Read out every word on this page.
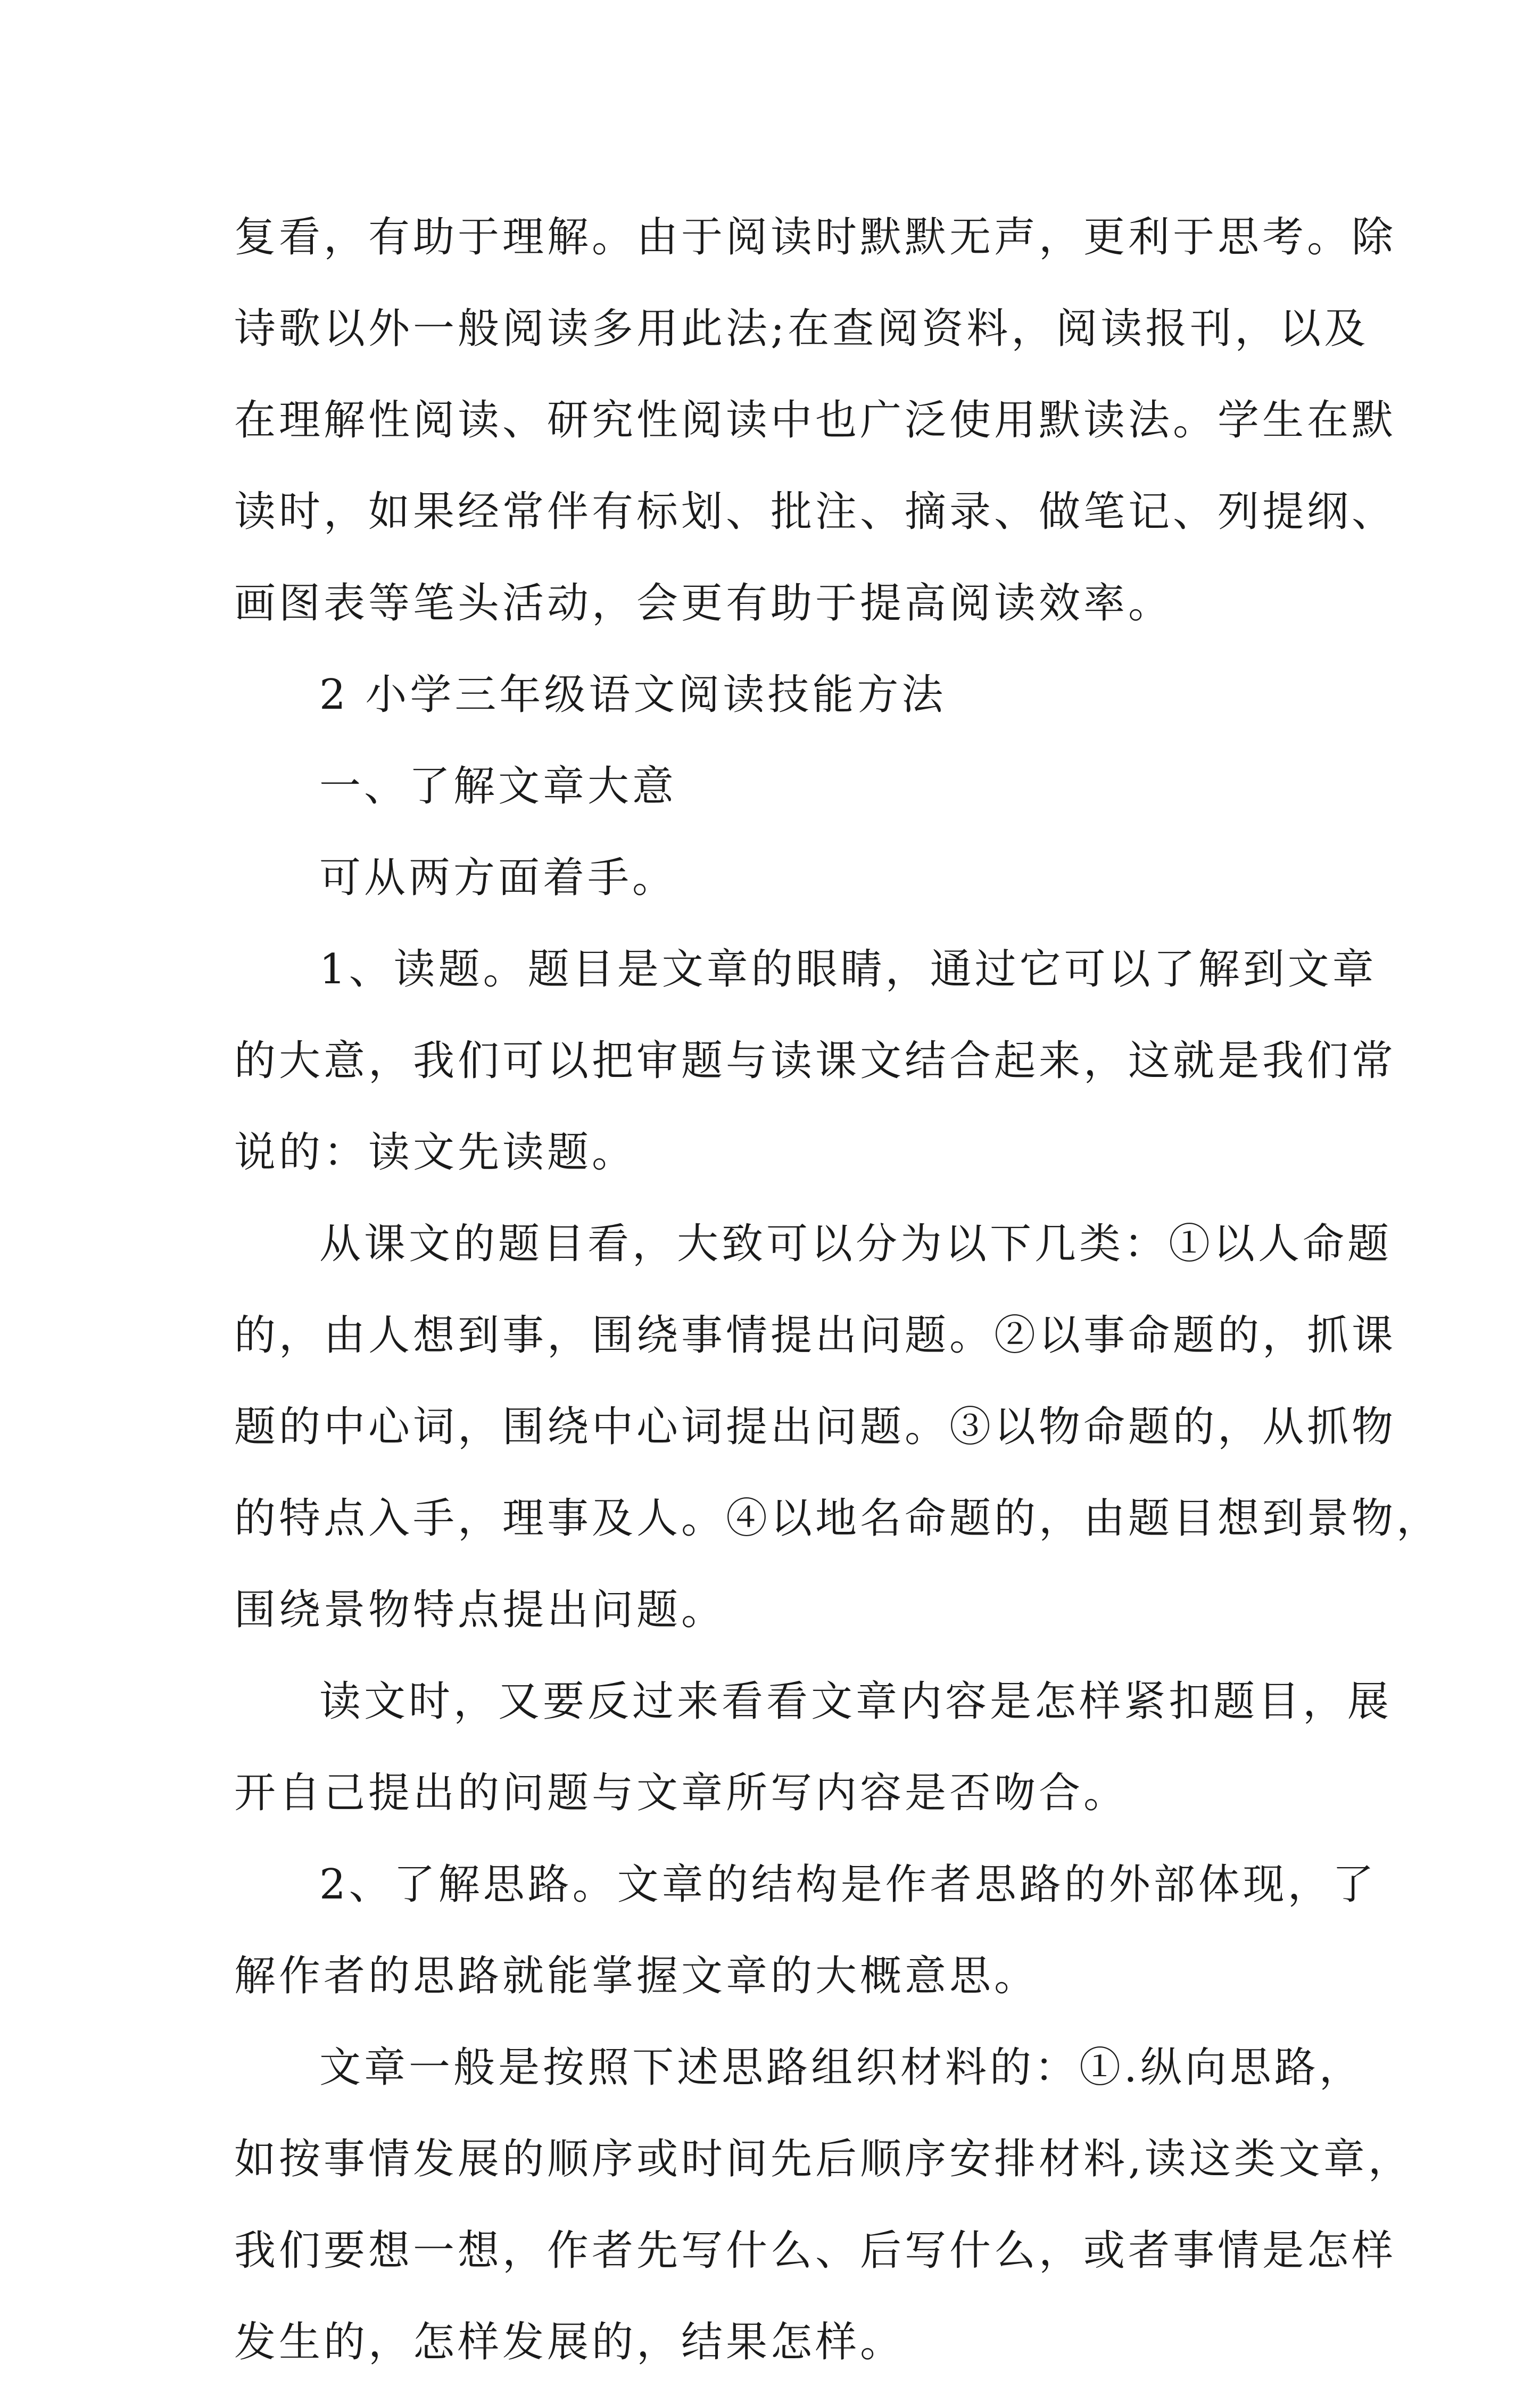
复看，有助于理解。由于阅读时默默无声，更利于思考。除
诗歌以外一般阅读多用此法;在查阅资料，阅读报刊，以及
在理解性阅读、研究性阅读中也广泛使用默读法。学生在默
读时，如果经常伴有标划、批注、摘录、做笔记、列提纲、
画图表等笔头活动，会更有助于提高阅读效率。
2 小学三年级语文阅读技能方法
一、了解文章大意
可从两方面着手。
1、读题。题目是文章的眼睛，通过它可以了解到文章
的大意，我们可以把审题与读课文结合起来，这就是我们常
说的：读文先读题。
从课文的题目看，大致可以分为以下几类：①以人命题
的，由人想到事，围绕事情提出问题。②以事命题的，抓课
题的中心词，围绕中心词提出问题。③以物命题的，从抓物
的特点入手，理事及人。④以地名命题的，由题目想到景物，
围绕景物特点提出问题。
读文时，又要反过来看看文章内容是怎样紧扣题目，展
开自己提出的问题与文章所写内容是否吻合。
2、了解思路。文章的结构是作者思路的外部体现，了
解作者的思路就能掌握文章的大概意思。
文章一般是按照下述思路组织材料的：①.纵向思路，
如按事情发展的顺序或时间先后顺序安排材料,读这类文章，
我们要想一想，作者先写什么、后写什么，或者事情是怎样
发生的，怎样发展的，结果怎样。
